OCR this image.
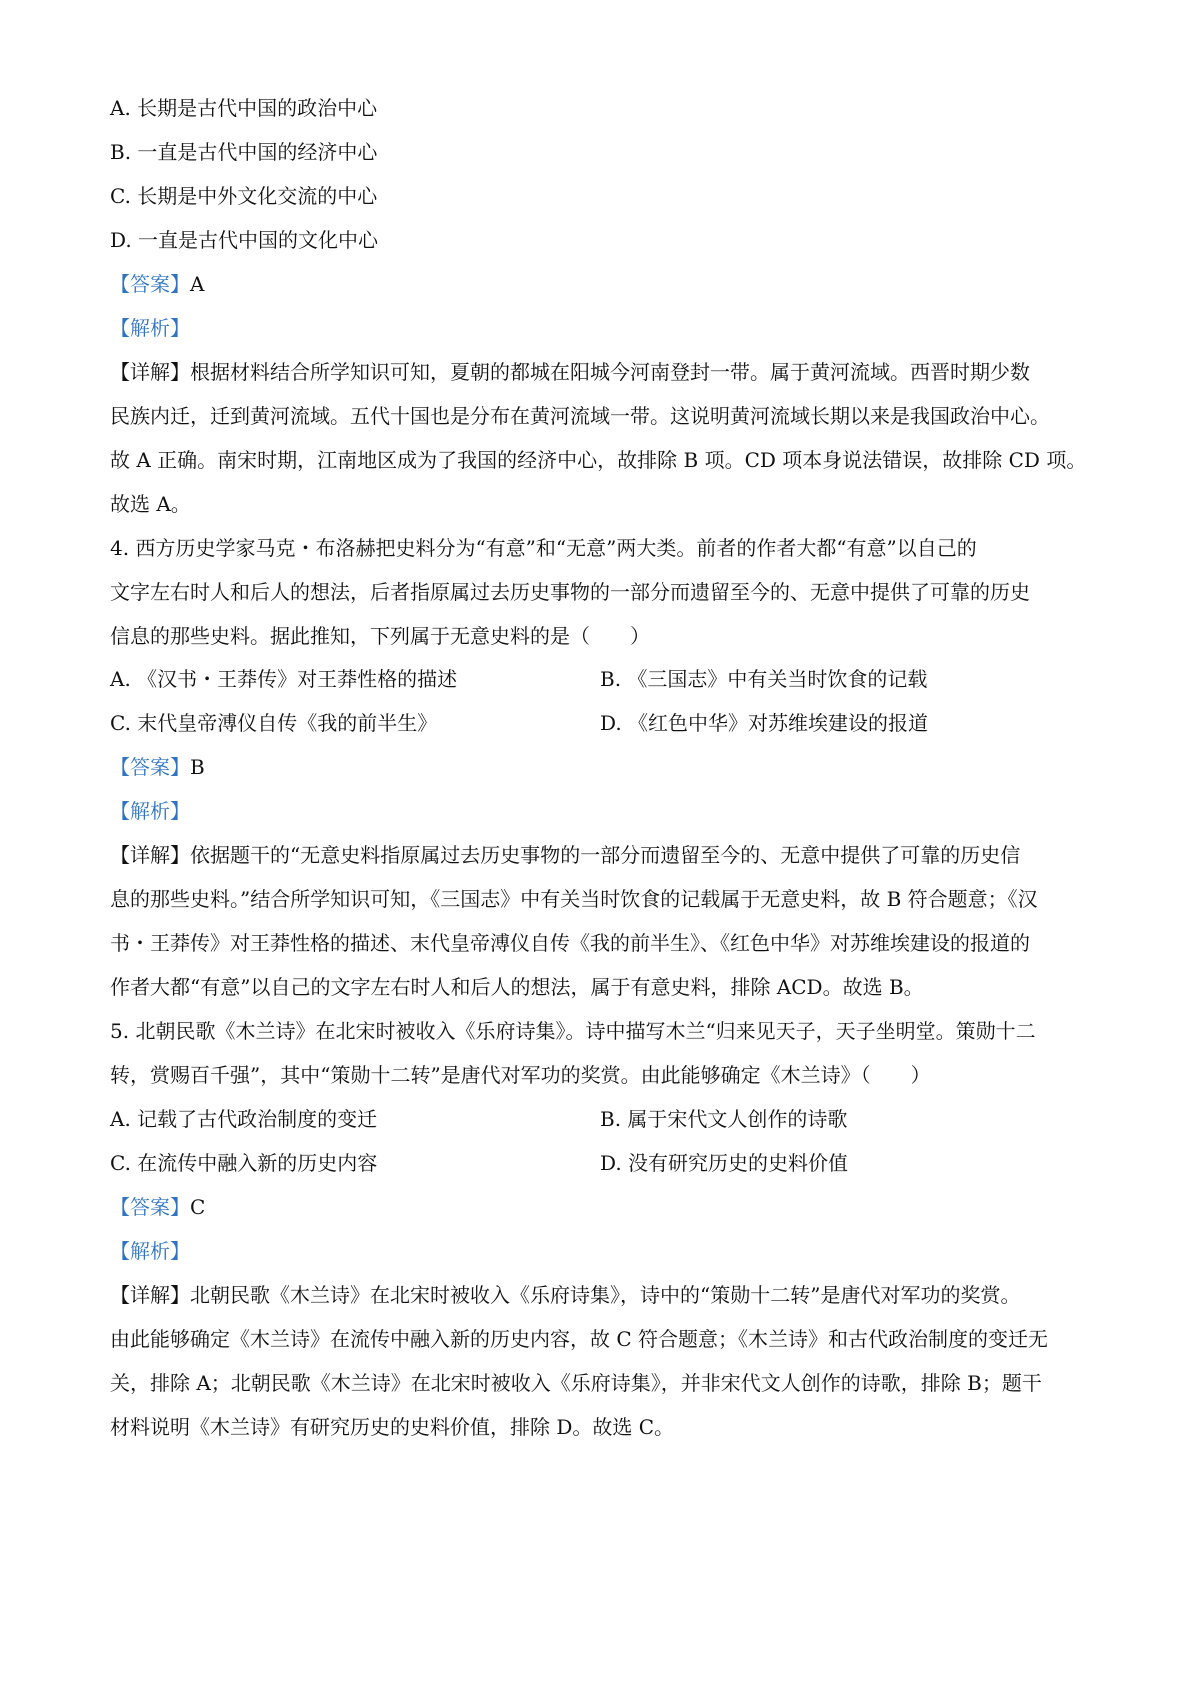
A. 长期是古代中国的政治中心
B. 一直是古代中国的经济中心
C. 长期是中外文化交流的中心
D. 一直是古代中国的文化中心
【答案】A
【解析】
【详解】根据材料结合所学知识可知，夏朝的都城在阳城今河南登封一带。属于黄河流域。西晋时期少数
民族内迁，迁到黄河流域。五代十国也是分布在黄河流域一带。这说明黄河流域长期以来是我国政治中心。
故 A 正确。南宋时期，江南地区成为了我国的经济中心，故排除 B 项。CD 项本身说法错误，故排除 CD 项。
故选 A。
4. 西方历史学家马克・布洛赫把史料分为“有意”和“无意”两大类。前者的作者大都“有意”以自己的
文字左右时人和后人的想法，后者指原属过去历史事物的一部分而遗留至今的、无意中提供了可靠的历史
信息的那些史料。据此推知，下列属于无意史料的是（　　）
A. 《汉书・王莽传》对王莽性格的描述	B. 《三国志》中有关当时饮食的记载
C. 末代皇帝溥仪自传《我的前半生》	D. 《红色中华》对苏维埃建设的报道
【答案】B
【解析】
【详解】依据题干的“无意史料指原属过去历史事物的一部分而遗留至今的、无意中提供了可靠的历史信
息的那些史料。”结合所学知识可知，《三国志》中有关当时饮食的记载属于无意史料，故 B 符合题意；《汉
书・王莽传》对王莽性格的描述、末代皇帝溥仪自传《我的前半生》、《红色中华》对苏维埃建设的报道的
作者大都“有意”以自己的文字左右时人和后人的想法，属于有意史料，排除 ACD。故选 B。
5. 北朝民歌《木兰诗》在北宋时被收入《乐府诗集》。诗中描写木兰“归来见天子，天子坐明堂。策勋十二
转，赏赐百千强”，其中“策勋十二转”是唐代对军功的奖赏。由此能够确定《木兰诗》（　　）
A. 记载了古代政治制度的变迁	B. 属于宋代文人创作的诗歌
C. 在流传中融入新的历史内容	D. 没有研究历史的史料价值
【答案】C
【解析】
【详解】北朝民歌《木兰诗》在北宋时被收入《乐府诗集》，诗中的“策勋十二转”是唐代对军功的奖赏。
由此能够确定《木兰诗》在流传中融入新的历史内容，故 C 符合题意；《木兰诗》和古代政治制度的变迁无
关，排除 A；北朝民歌《木兰诗》在北宋时被收入《乐府诗集》，并非宋代文人创作的诗歌，排除 B；题干
材料说明《木兰诗》有研究历史的史料价值，排除 D。故选 C。
